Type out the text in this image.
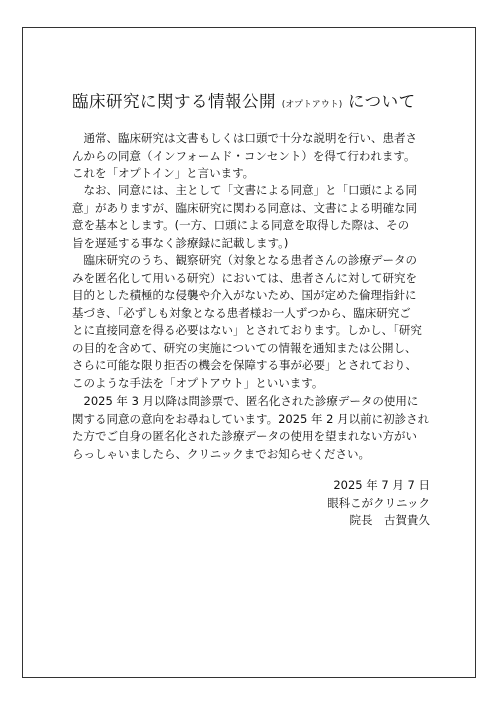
臨床研究に関する情報公開 (オプトアウト) について

　通常、臨床研究は文書もしくは口頭で十分な説明を行い、患者さ
んからの同意（インフォームド・コンセント）を得て行われます。
これを「オプトイン」と言います。

　なお、同意には、主として「文書による同意」と「口頭による同
意」がありますが、臨床研究に関わる同意は、文書による明確な同
意を基本とします。(一方、口頭による同意を取得した際は、その
旨を遅延する事なく診療録に記載します。)

　臨床研究のうち、観察研究（対象となる患者さんの診療データの
みを匿名化して用いる研究）においては、患者さんに対して研究を
目的とした積極的な侵襲や介入がないため、国が定めた倫理指針に
基づき、「必ずしも対象となる患者様お一人ずつから、臨床研究ご
とに直接同意を得る必要はない」とされております。しかし、「研究
の目的を含めて、研究の実施についての情報を通知または公開し、
さらに可能な限り拒否の機会を保障する事が必要」とされており、
このような手法を「オプトアウト」といいます。

　2025 年 3 月以降は問診票で、匿名化された診療データの使用に
関する同意の意向をお尋ねしています。2025 年 2 月以前に初診され
た方でご自身の匿名化された診療データの使用を望まれない方がい
らっしゃいましたら、クリニックまでお知らせください。

2025 年 7 月 7 日
眼科こがクリニック
院長　古賀貴久
